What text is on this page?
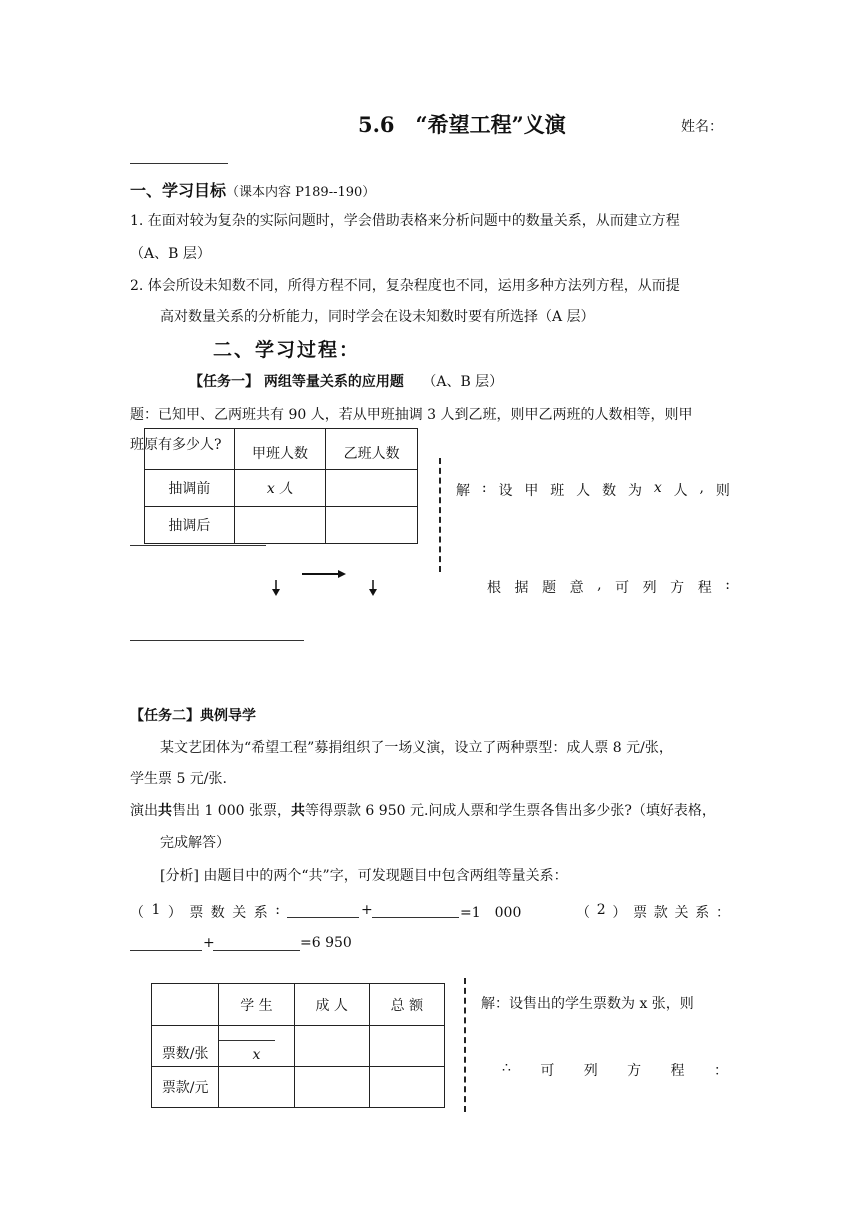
5.6　“希望工程”义演	姓名：
一、学习目标（课本内容 P189--190）
1. 在面对较为复杂的实际问题时，学会借助表格来分析问题中的数量关系，从而建立方程
（A、B 层）
2. 体会所设未知数不同，所得方程不同，复杂程度也不同，运用多种方法列方程，从而提
高对数量关系的分析能力，同时学会在设未知数时要有所选择（A 层）
二、学习过程：
【任务一】 两组等量关系的应用题 （A、B 层）
题：已知甲、乙两班共有 90 人，若从甲班抽调 3 人到乙班，则甲乙两班的人数相等，则甲
班原有多少人?
	甲班人数	乙班人数
抽调前	x 人	
抽调后		
解 : 设 甲 班 人 数 为 x 人 , 则
根 据 题 意 , 可 列 方 程 :
【任务二】典例导学
某文艺团体为“希望工程”募捐组织了一场义演，设立了两种票型：成人票 8 元/张，
学生票 5 元/张.
演出共售出 1 000 张票，共等得票款 6 950 元.问成人票和学生票各售出多少张?（填好表格，
完成解答）
[分析] 由题目中的两个“共”字，可发现题目中包含两组等量关系：
（ 1 ） 票 数 关 系 :	+	=1　000	（ 2 ） 票 款 关 系 ：
+	=6 950
	学 生	成 人	总 额
票数/张	x		
票款/元			
解：设售出的学生票数为 x 张，则
∴ 可 列 方 程 ：
